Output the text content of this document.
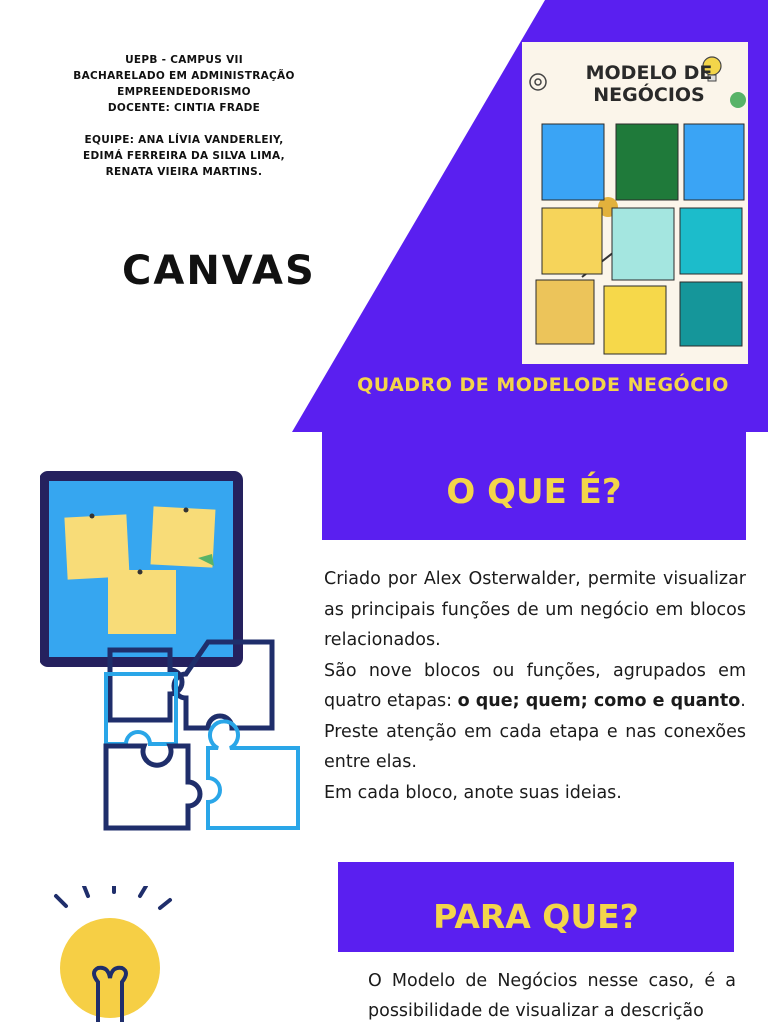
UEPB - CAMPUS VII
BACHARELADO EM ADMINISTRAÇÃO
EMPREENDEDORISMO
DOCENTE: CINTIA FRADE
EQUIPE: ANA LÍVIA VANDERLEIY,
EDIMÁ FERREIRA DA SILVA LIMA,
RENATA VIEIRA MARTINS.
CANVAS
MODELO DE
NEGÓCIOS
QUADRO DE MODELODE NEGÓCIO
O QUE É?

Criado por Alex Osterwalder, permite visualizar as principais funções de um negócio em blocos relacionados.

São nove blocos ou funções, agrupados em quatro etapas: o que; quem; como e quanto.

Preste atenção em cada etapa e nas conexões entre elas.

Em cada bloco, anote suas ideias.

PARA QUE?
O Modelo de Negócios nesse caso, é a possibilidade de visualizar a descrição
